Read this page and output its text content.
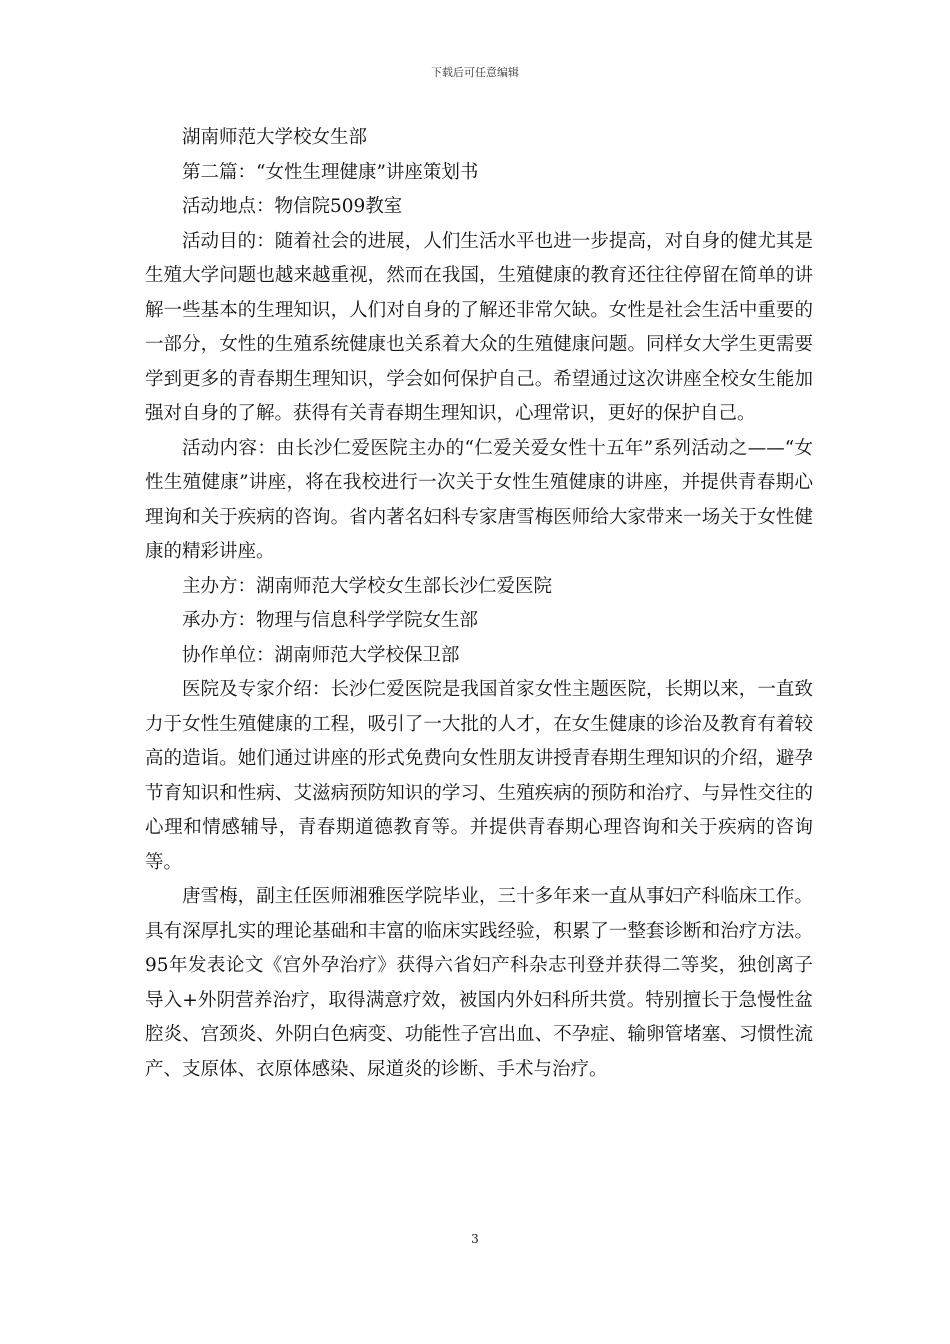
下载后可任意编辑

湖南师范大学校女生部

第二篇：“女性生理健康”讲座策划书

活动地点：物信院509教室

活动目的：随着社会的进展，人们生活水平也进一步提高，对自身的健尤其是生殖大学问题也越来越重视，然而在我国，生殖健康的教育还往往停留在简单的讲解一些基本的生理知识，人们对自身的了解还非常欠缺。女性是社会生活中重要的一部分，女性的生殖系统健康也关系着大众的生殖健康问题。同样女大学生更需要学到更多的青春期生理知识，学会如何保护自己。希望通过这次讲座全校女生能加强对自身的了解。获得有关青春期生理知识，心理常识，更好的保护自己。

活动内容：由长沙仁爱医院主办的“仁爱关爱女性十五年”系列活动之——“女性生殖健康”讲座，将在我校进行一次关于女性生殖健康的讲座，并提供青春期心理询和关于疾病的咨询。省内著名妇科专家唐雪梅医师给大家带来一场关于女性健康的精彩讲座。

主办方：湖南师范大学校女生部长沙仁爱医院

承办方：物理与信息科学学院女生部

协作单位：湖南师范大学校保卫部

医院及专家介绍：长沙仁爱医院是我国首家女性主题医院，长期以来，一直致力于女性生殖健康的工程，吸引了一大批的人才，在女生健康的诊治及教育有着较高的造诣。她们通过讲座的形式免费向女性朋友讲授青春期生理知识的介绍，避孕节育知识和性病、艾滋病预防知识的学习、生殖疾病的预防和治疗、与异性交往的心理和情感辅导，青春期道德教育等。并提供青春期心理咨询和关于疾病的咨询等。

唐雪梅，副主任医师湘雅医学院毕业，三十多年来一直从事妇产科临床工作。具有深厚扎实的理论基础和丰富的临床实践经验，积累了一整套诊断和治疗方法。95年发表论文《宫外孕治疗》获得六省妇产科杂志刊登并获得二等奖，独创离子导入+外阴营养治疗，取得满意疗效，被国内外妇科所共赏。特别擅长于急慢性盆腔炎、宫颈炎、外阴白色病变、功能性子宫出血、不孕症、输卵管堵塞、习惯性流产、支原体、衣原体感染、尿道炎的诊断、手术与治疗。

3
